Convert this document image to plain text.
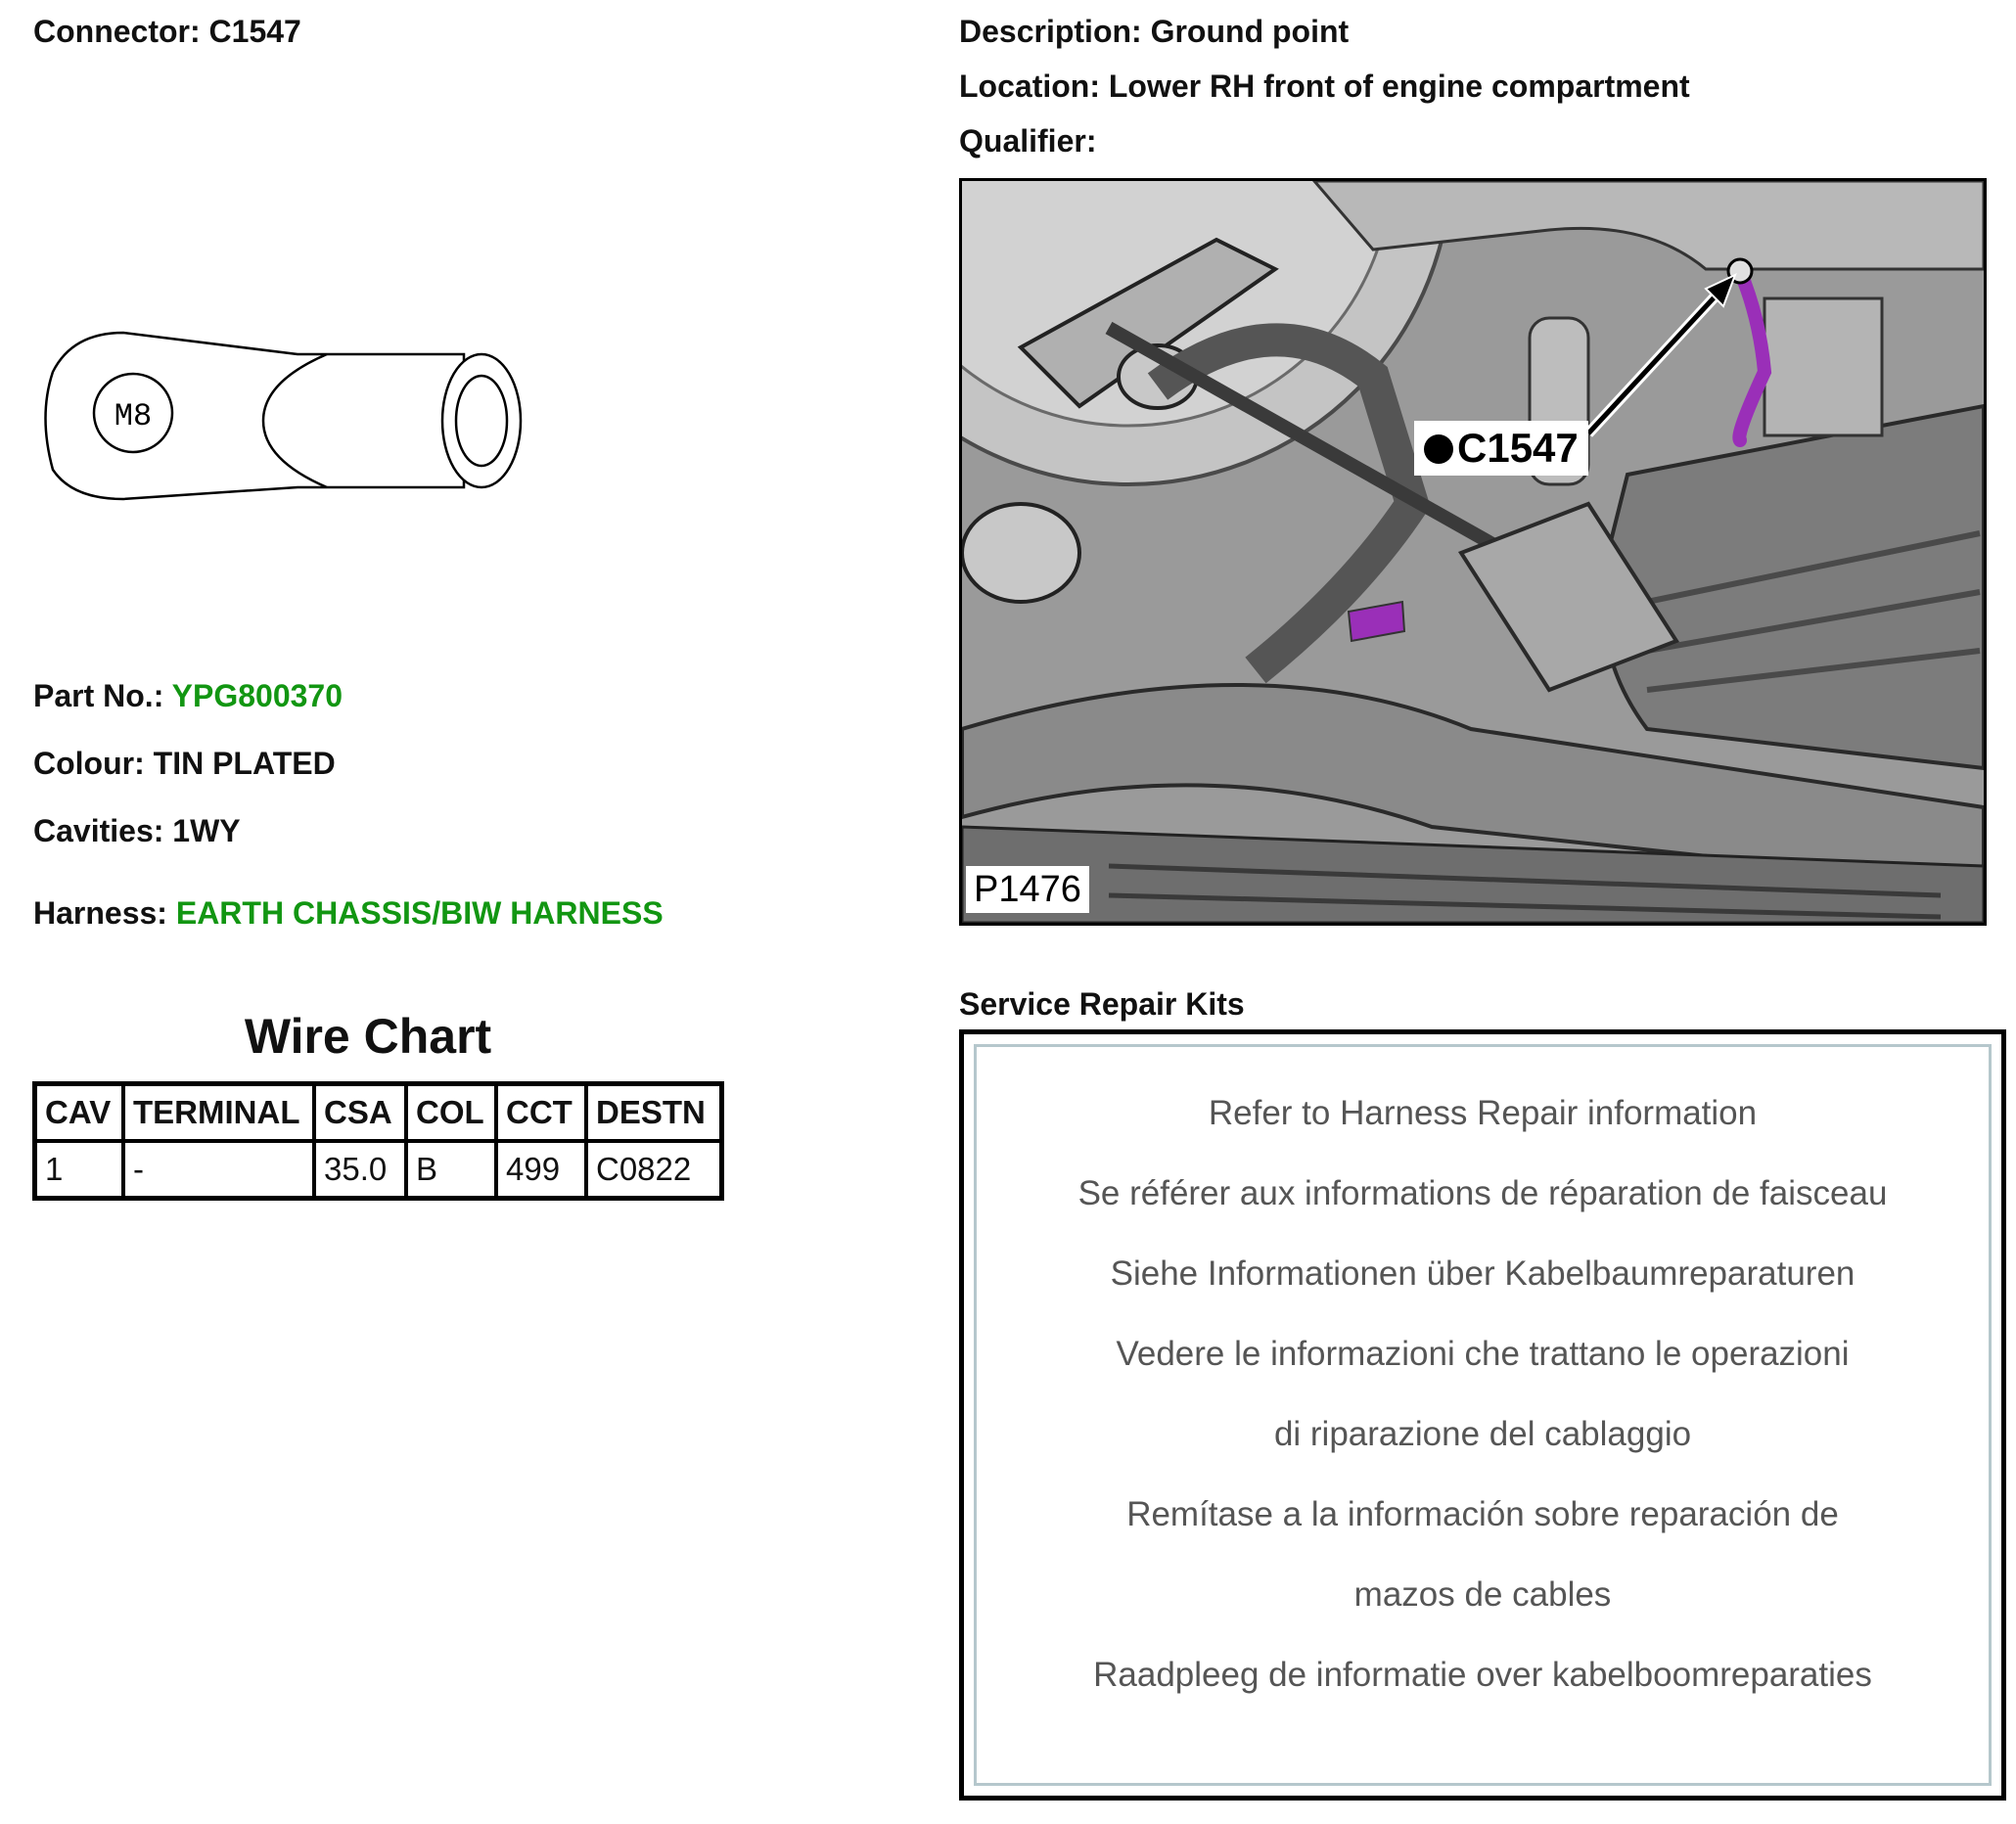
Connector: C1547	Description: Ground point
Location: Lower RH front of engine compartment
Qualifier:
M8
Part No.: YPG800370
Colour: TIN PLATED
Cavities: 1WY
Harness: EARTH CHASSIS/BIW HARNESS
Wire Chart
CAV	TERMINAL	CSA	COL	CCT	DESTN
1	-	35.0	B	499	C0822
C1547
P1476
Service Repair Kits
Refer to Harness Repair information
Se référer aux informations de réparation de faisceau
Siehe Informationen über Kabelbaumreparaturen
Vedere le informazioni che trattano le operazioni
di riparazione del cablaggio
Remítase a la información sobre reparación de
mazos de cables
Raadpleeg de informatie over kabelboomreparaties
